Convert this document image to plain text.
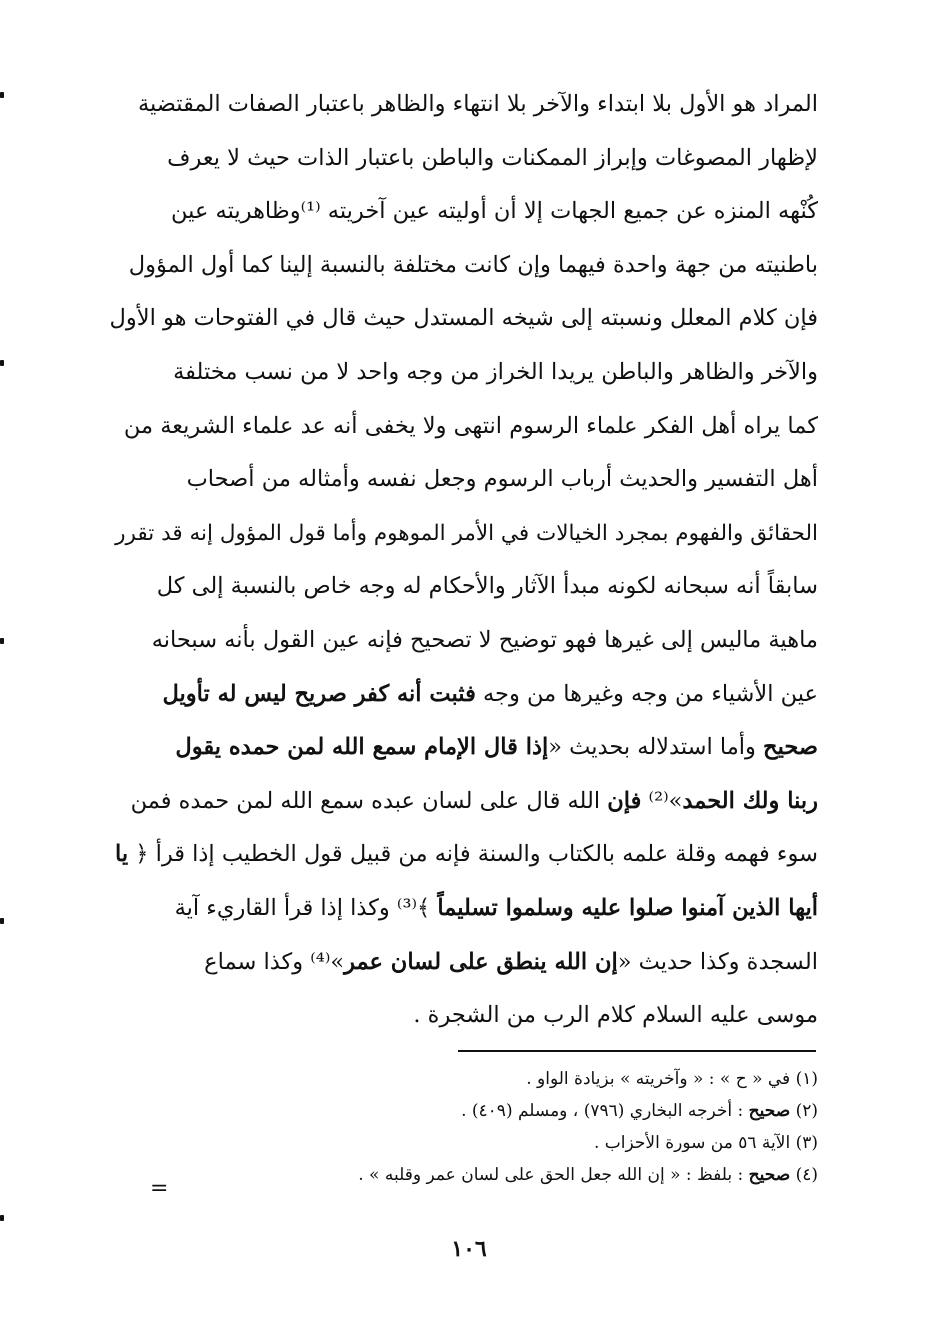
المراد هو الأول بلا ابتداء والآخر بلا انتهاء والظاهر باعتبار الصفات المقتضية
لإظهار المصوغات وإبراز الممكنات والباطن باعتبار الذات حيث لا يعرف
كُنْهه المنزه عن جميع الجهات إلا أن أوليته عين آخريته ⁽¹⁾وظاهريته عين
باطنيته من جهة واحدة فيهما وإن كانت مختلفة بالنسبة إلينا كما أول المؤول
فإن كلام المعلل ونسبته إلى شيخه المستدل حيث قال في الفتوحات هو الأول
والآخر والظاهر والباطن يريدا الخراز من وجه واحد لا من نسب مختلفة
كما يراه أهل الفكر علماء الرسوم انتهى ولا يخفى أنه عد علماء الشريعة من
أهل التفسير والحديث أرباب الرسوم وجعل نفسه وأمثاله من أصحاب
الحقائق والفهوم بمجرد الخيالات في الأمر الموهوم وأما قول المؤول إنه قد تقرر
سابقاً أنه سبحانه لكونه مبدأ الآثار والأحكام له وجه خاص بالنسبة إلى كل
ماهية ماليس إلى غيرها فهو توضيح لا تصحيح فإنه عين القول بأنه سبحانه
عين الأشياء من وجه وغيرها من وجه فثبت أنه كفر صريح ليس له تأويل
صحيح وأما استدلاله بحديث «إذا قال الإمام سمع الله لمن حمده يقول
ربنا ولك الحمد»⁽²⁾ فإن الله قال على لسان عبده سمع الله لمن حمده فمن
سوء فهمه وقلة علمه بالكتاب والسنة فإنه من قبيل قول الخطيب إذا قرأ ﴿ يا
أيها الذين آمنوا صلوا عليه وسلموا تسليماً ﴾⁽³⁾ وكذا إذا قرأ القاريء آية
السجدة وكذا حديث «إن الله ينطق على لسان عمر»⁽⁴⁾ وكذا سماع
موسى عليه السلام كلام الرب من الشجرة .
(١) في « ح » : « وآخريته » بزيادة الواو .
(٢) صحيح : أخرجه البخاري (٧٩٦) ، ومسلم (٤٠٩) .
(٣) الآية ٥٦ من سورة الأحزاب .
(٤) صحيح : بلفظ : « إن الله جعل الحق على لسان عمر وقلبه » .
=
١٠٦
